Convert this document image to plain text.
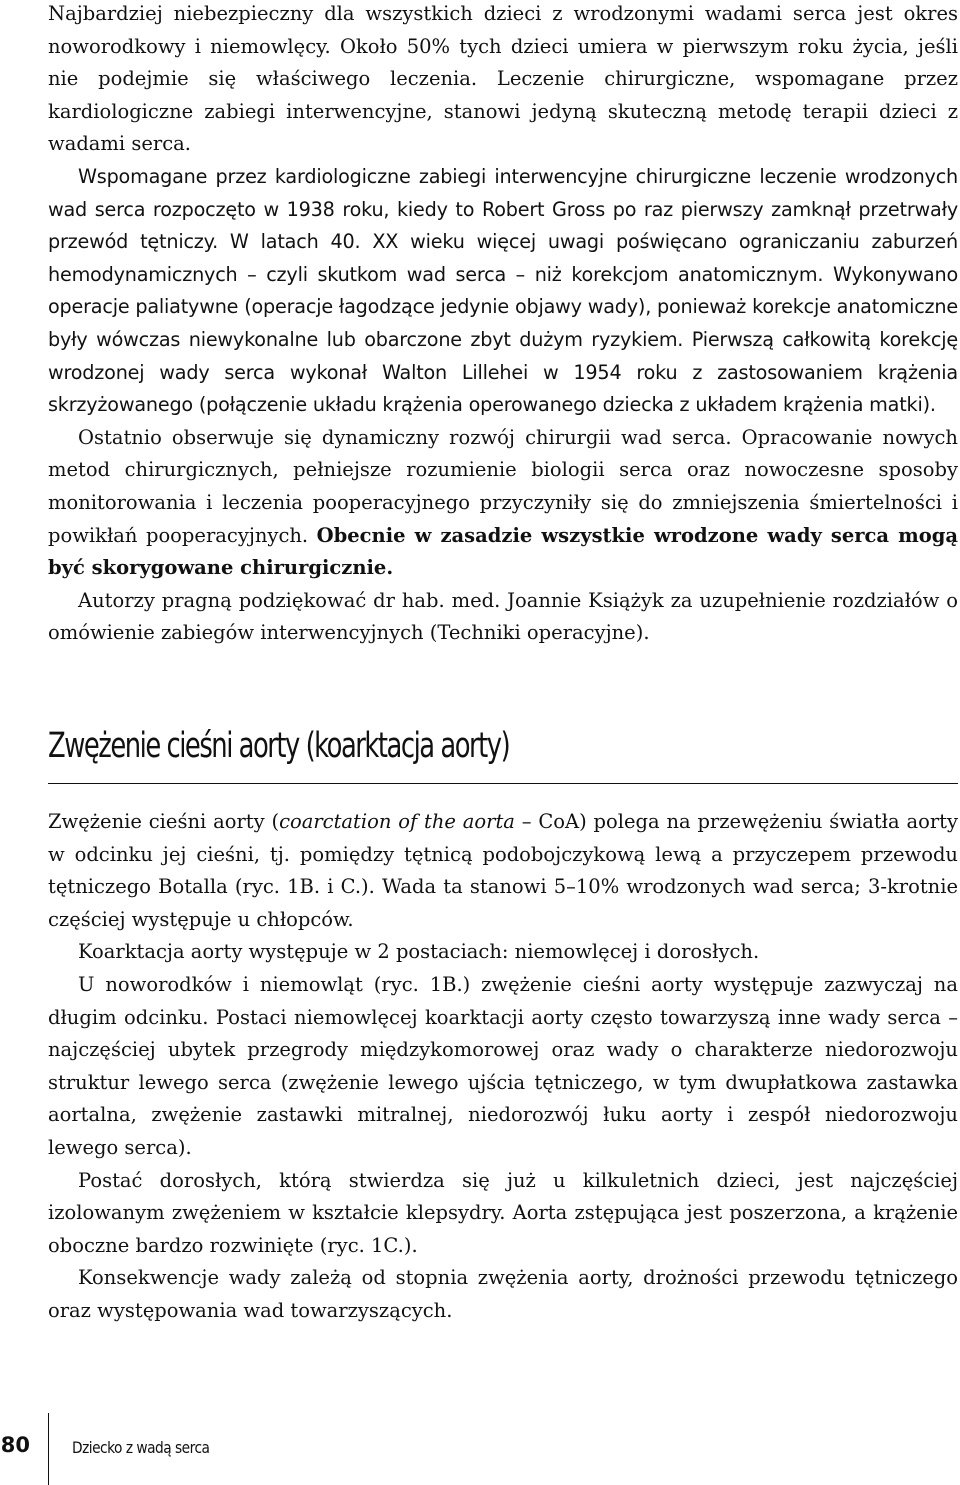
Najbardziej niebezpieczny dla wszystkich dzieci z wrodzonymi wadami serca jest okres noworodkowy i niemowlęcy. Około 50% tych dzieci umiera w pierwszym roku życia, jeśli nie podejmie się właściwego leczenia. Leczenie chirurgiczne, wspomagane przez kardiologiczne zabiegi interwencyjne, stanowi jedyną skuteczną metodę terapii dzieci z wadami serca.

Wspomagane przez kardiologiczne zabiegi interwencyjne chirurgiczne leczenie wrodzonych wad serca rozpoczęto w 1938 roku, kiedy to Robert Gross po raz pierwszy zamknął przetrwały przewód tętniczy. W latach 40. XX wieku więcej uwagi poświęcano ograniczaniu zaburzeń hemodynamicznych – czyli skutkom wad serca – niż korekcjom anatomicznym. Wykonywano operacje paliatywne (operacje łagodzące jedynie objawy wady), ponieważ korekcje anatomiczne były wówczas niewykonalne lub obarczone zbyt dużym ryzykiem. Pierwszą całkowitą korekcję wrodzonej wady serca wykonał Walton Lillehei w 1954 roku z zastosowaniem krążenia skrzyżowanego (połączenie układu krążenia operowanego dziecka z układem krążenia matki).

Ostatnio obserwuje się dynamiczny rozwój chirurgii wad serca. Opracowanie nowych metod chirurgicznych, pełniejsze rozumienie biologii serca oraz nowoczesne sposoby monitorowania i leczenia pooperacyjnego przyczyniły się do zmniejszenia śmiertelności i powikłań pooperacyjnych. Obecnie w zasadzie wszystkie wrodzone wady serca mogą być skorygowane chirurgicznie.

Autorzy pragną podziękować dr hab. med. Joannie Książyk za uzupełnienie rozdziałów o omówienie zabiegów interwencyjnych (Techniki operacyjne).

Zwężenie cieśni aorty (koarktacja aorty)

Zwężenie cieśni aorty (coarctation of the aorta – CoA) polega na przewężeniu światła aorty w odcinku jej cieśni, tj. pomiędzy tętnicą podobojczykową lewą a przyczepem przewodu tętniczego Botalla (ryc. 1B. i C.). Wada ta stanowi 5–10% wrodzonych wad serca; 3-krotnie częściej występuje u chłopców.

Koarktacja aorty występuje w 2 postaciach: niemowlęcej i dorosłych.

U noworodków i niemowląt (ryc. 1B.) zwężenie cieśni aorty występuje zazwyczaj na długim odcinku. Postaci niemowlęcej koarktacji aorty często towarzyszą inne wady serca – najczęściej ubytek przegrody międzykomorowej oraz wady o charakterze niedorozwoju struktur lewego serca (zwężenie lewego ujścia tętniczego, w tym dwupłatkowa zastawka aortalna, zwężenie zastawki mitralnej, niedorozwój łuku aorty i zespół niedorozwoju lewego serca).

Postać dorosłych, którą stwierdza się już u kilkuletnich dzieci, jest najczęściej izolowanym zwężeniem w kształcie klepsydry. Aorta zstępująca jest poszerzona, a krążenie oboczne bardzo rozwinięte (ryc. 1C.).

Konsekwencje wady zależą od stopnia zwężenia aorty, drożności przewodu tętniczego oraz występowania wad towarzyszących.

80	Dziecko z wadą serca
